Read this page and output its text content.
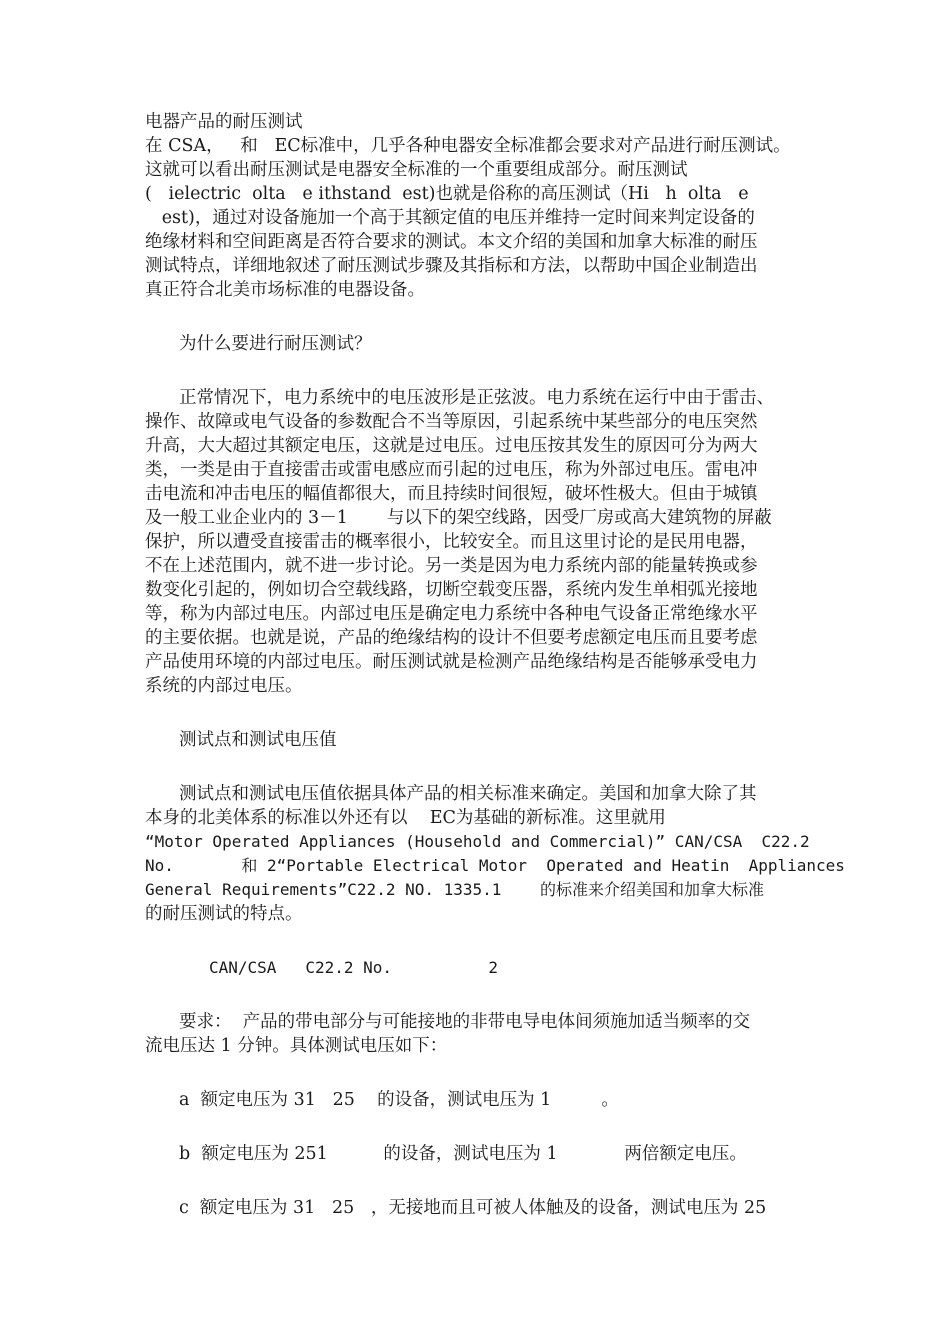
电器产品的耐压测试
在 CSA，   和   EC标准中，几乎各种电器安全标准都会要求对产品进行耐压测试。
这就可以看出耐压测试是电器安全标准的一个重要组成部分。耐压测试
(   ielectric  olta   e ithstand  est)也就是俗称的高压测试（Hi   h  olta   e
est)，通过对设备施加一个高于其额定值的电压并维持一定时间来判定设备的
绝缘材料和空间距离是否符合要求的测试。本文介绍的美国和加拿大标准的耐压
测试特点，详细地叙述了耐压测试步骤及其指标和方法，以帮助中国企业制造出
真正符合北美市场标准的电器设备。
为什么要进行耐压测试？
正常情况下，电力系统中的电压波形是正弦波。电力系统在运行中由于雷击、
操作、故障或电气设备的参数配合不当等原因，引起系统中某些部分的电压突然
升高，大大超过其额定电压，这就是过电压。过电压按其发生的原因可分为两大
类，一类是由于直接雷击或雷电感应而引起的过电压，称为外部过电压。雷电冲
击电流和冲击电压的幅值都很大，而且持续时间很短，破坏性极大。但由于城镇
及一般工业企业内的 3－1       与以下的架空线路，因受厂房或高大建筑物的屏蔽
保护，所以遭受直接雷击的概率很小，比较安全。而且这里讨论的是民用电器，
不在上述范围内，就不进一步讨论。另一类是因为电力系统内部的能量转换或参
数变化引起的，例如切合空载线路，切断空载变压器，系统内发生单相弧光接地
等，称为内部过电压。内部过电压是确定电力系统中各种电气设备正常绝缘水平
的主要依据。也就是说，产品的绝缘结构的设计不但要考虑额定电压而且要考虑
产品使用环境的内部过电压。耐压测试就是检测产品绝缘结构是否能够承受电力
系统的内部过电压。
测试点和测试电压值
测试点和测试电压值依据具体产品的相关标准来确定。美国和加拿大除了其
本身的北美体系的标准以外还有以    EC为基础的新标准。这里就用
“Motor Operated Appliances (Household and Commercial)” CAN/CSA  C22.2
No.       和 2“Portable Electrical Motor  Operated and Heatin  Appliances
General Requirements”C22.2 NO. 1335.1    的标准来介绍美国和加拿大标准
的耐压测试的特点。
CAN/CSA   C22.2 No.          2
要求：  产品的带电部分与可能接地的非带电导电体间须施加适当频率的交
流电压达 1 分钟。具体测试电压如下：
a  额定电压为 31   25    的设备，测试电压为 1         。
b  额定电压为 251          的设备，测试电压为 1            两倍额定电压。
c  额定电压为 31   25   ，无接地而且可被人体触及的设备，测试电压为 25
